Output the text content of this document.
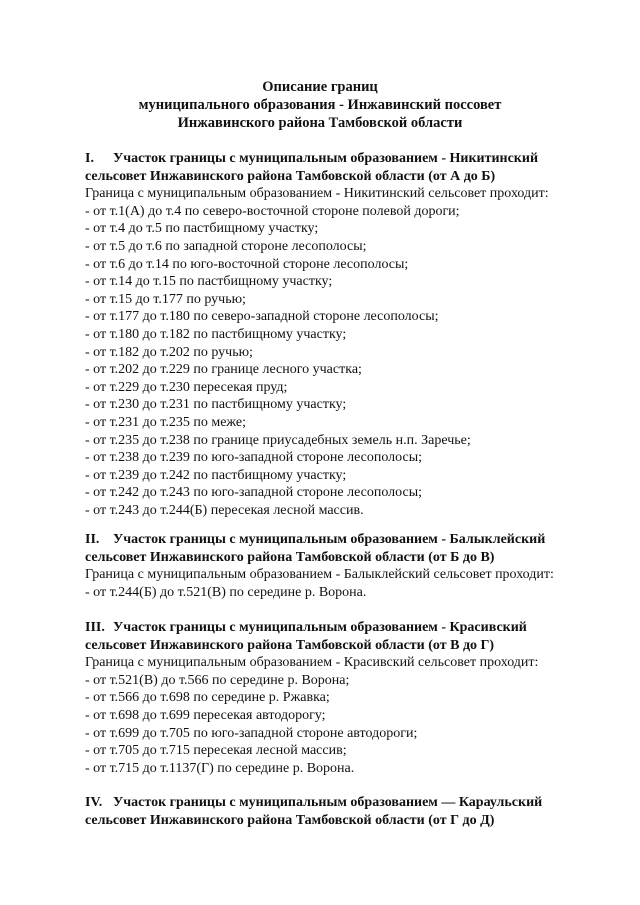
Описание границ
муниципального образования - Инжавинский поссовет
Инжавинского района Тамбовской области
I. Участок границы с муниципальным образованием - Никитинский
сельсовет Инжавинского района Тамбовской области (от А до Б)
Граница с муниципальным образованием - Никитинский сельсовет проходит:
- от т.1(А) до т.4 по северо-восточной стороне полевой дороги;
- от т.4 до т.5 по пастбищному участку;
- от т.5 до т.6 по западной стороне лесополосы;
- от т.6 до т.14 по юго-восточной стороне лесополосы;
- от т.14 до т.15 по пастбищному участку;
- от т.15 до т.177 по ручью;
- от т.177 до т.180 по северо-западной стороне лесополосы;
- от т.180 до т.182 по пастбищному участку;
- от т.182 до т.202 по ручью;
- от т.202 до т.229 по границе лесного участка;
- от т.229 до т.230 пересекая пруд;
- от т.230 до т.231 по пастбищному участку;
- от т.231 до т.235 по меже;
- от т.235 до т.238 по границе приусадебных земель н.п. Заречье;
- от т.238 до т.239 по юго-западной стороне лесополосы;
- от т.239 до т.242 по пастбищному участку;
- от т.242 до т.243 по юго-западной стороне лесополосы;
- от т.243 до т.244(Б) пересекая лесной массив.
II. Участок границы с муниципальным образованием - Балыклейский
сельсовет Инжавинского района Тамбовской области (от Б до В)
Граница с муниципальным образованием - Балыклейский сельсовет проходит:
- от т.244(Б) до т.521(В) по середине р. Ворона.
III. Участок границы с муниципальным образованием - Красивский
сельсовет Инжавинского района Тамбовской области (от В до Г)
Граница с муниципальным образованием - Красивский сельсовет проходит:
- от т.521(В) до т.566 по середине р. Ворона;
- от т.566 до т.698 по середине р. Ржавка;
- от т.698 до т.699 пересекая автодорогу;
- от т.699 до т.705 по юго-западной стороне автодороги;
- от т.705 до т.715 пересекая лесной массив;
- от т.715 до т.1137(Г) по середине р. Ворона.
IV. Участок границы с муниципальным образованием — Караульский
сельсовет Инжавинского района Тамбовской области (от Г до Д)
